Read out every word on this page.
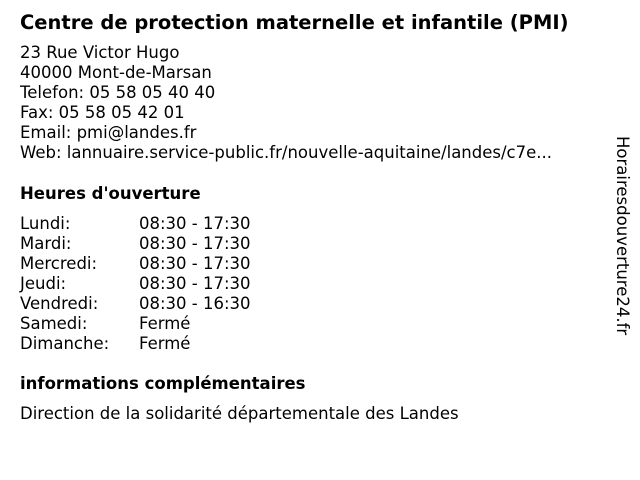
Centre de protection maternelle et infantile (PMI)
23 Rue Victor Hugo
40000 Mont-de-Marsan
Telefon: 05 58 05 40 40
Fax: 05 58 05 42 01
Email: pmi@landes.fr
Web: lannuaire.service-public.fr/nouvelle-aquitaine/landes/c7e...
Heures d'ouverture
Lundi:	08:30 - 17:30
Mardi:	08:30 - 17:30
Mercredi:	08:30 - 17:30
Jeudi:	08:30 - 17:30
Vendredi: 08:30 - 16:30
Samedi:	Fermé
Dimanche: Fermé
informations complémentaires
Direction de la solidarité départementale des Landes
Horairesdouverture24.fr
